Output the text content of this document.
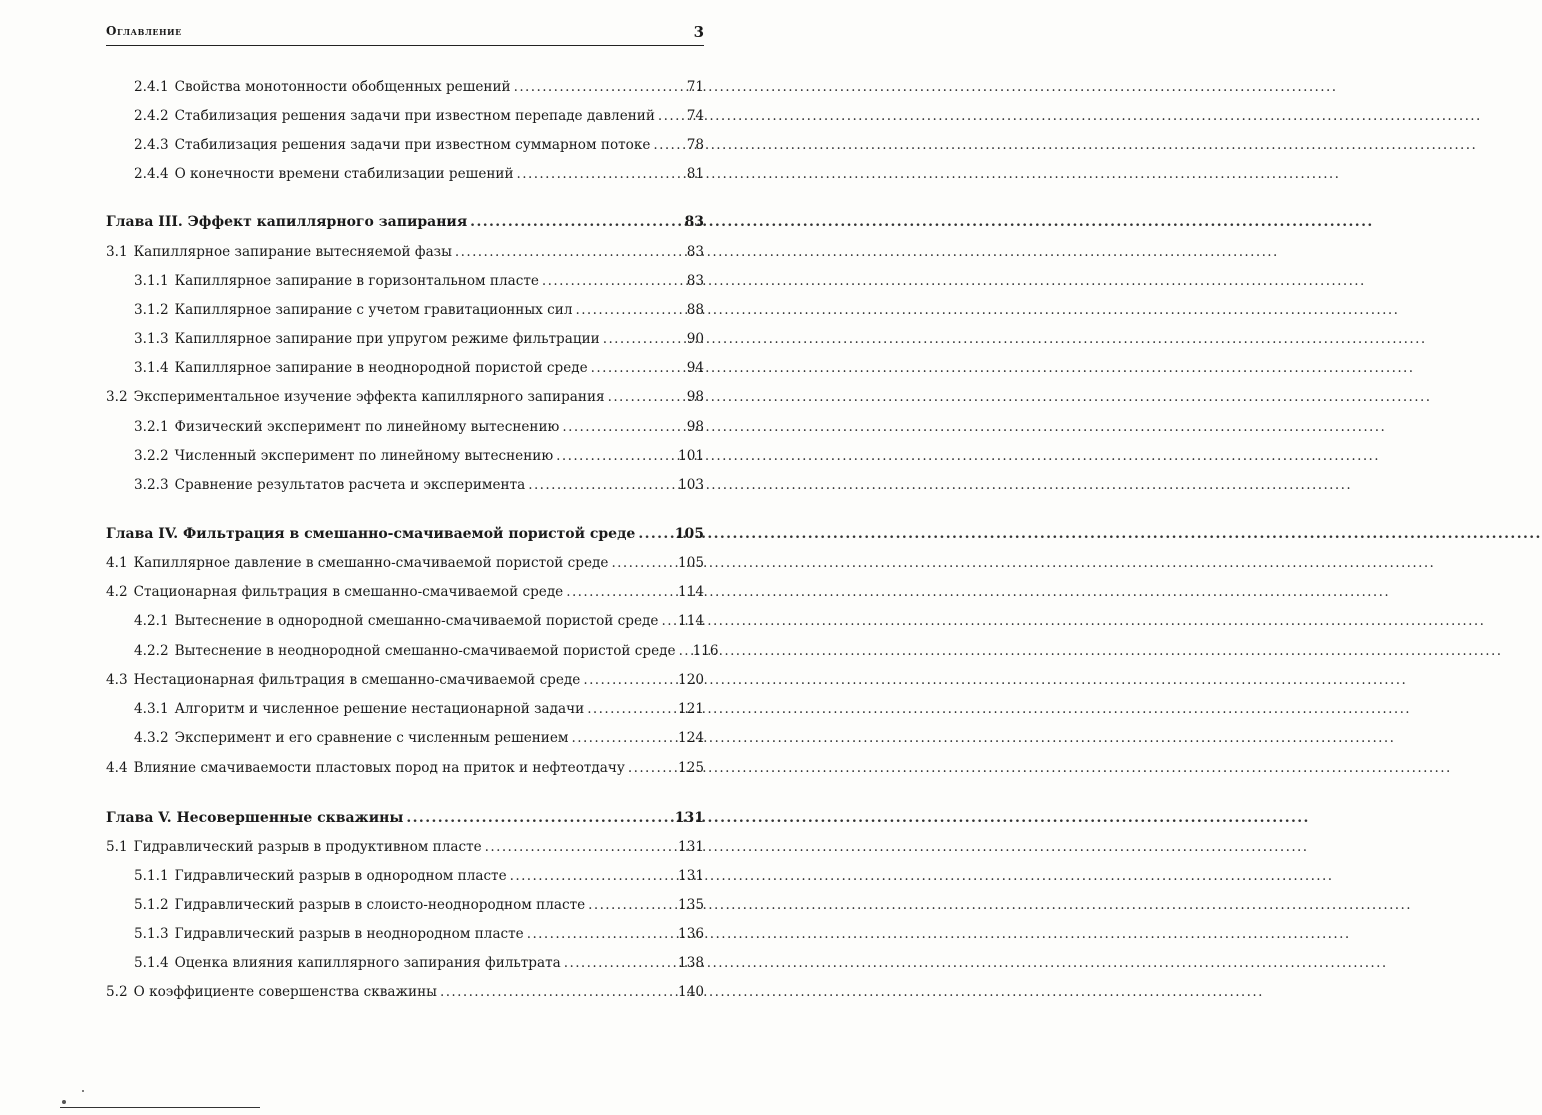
Оглавление	3
2.4.1 Свойства монотонности обобщенных решений .....	71
2.4.2 Стабилизация решения задачи при известном перепаде давлений .....	74
2.4.3 Стабилизация решения задачи при известном суммарном потоке .....	78
2.4.4 О конечности времени стабилизации решений .....	81
Глава III. Эффект капиллярного запирания .....	83
3.1 Капиллярное запирание вытесняемой фазы .....	83
3.1.1 Капиллярное запирание в горизонтальном пласте .....	83
3.1.2 Капиллярное запирание с учетом гравитационных сил .....	88
3.1.3 Капиллярное запирание при упругом режиме фильтрации .....	90
3.1.4 Капиллярное запирание в неоднородной пористой среде .....	94
3.2 Экспериментальное изучение эффекта капиллярного запирания .....	98
3.2.1 Физический эксперимент по линейному вытеснению .....	98
3.2.2 Численный эксперимент по линейному вытеснению .....	101
3.2.3 Сравнение результатов расчета и эксперимента .....	103
Глава IV. Фильтрация в смешанно-смачиваемой пористой среде .....	105
4.1 Капиллярное давление в смешанно-смачиваемой пористой среде .....	105
4.2 Стационарная фильтрация в смешанно-смачиваемой среде .....	114
4.2.1 Вытеснение в однородной смешанно-смачиваемой пористой среде .....	114
4.2.2 Вытеснение в неоднородной смешанно-смачиваемой пористой среде	116
4.3 Нестационарная фильтрация в смешанно-смачиваемой среде .....	120
4.3.1 Алгоритм и численное решение нестационарной задачи .....	121
4.3.2 Эксперимент и его сравнение с численным решением .....	124
4.4 Влияние смачиваемости пластовых пород на приток и нефтеотдачу .....	125
Глава V. Несовершенные скважины .....	131
5.1 Гидравлический разрыв в продуктивном пласте .....	131
5.1.1 Гидравлический разрыв в однородном пласте .....	131
5.1.2 Гидравлический разрыв в слоисто-неоднородном пласте .....	135
5.1.3 Гидравлический разрыв в неоднородном пласте .....	136
5.1.4 Оценка влияния капиллярного запирания фильтрата .....	138
5.2 О коэффициенте совершенства скважины .....	140
